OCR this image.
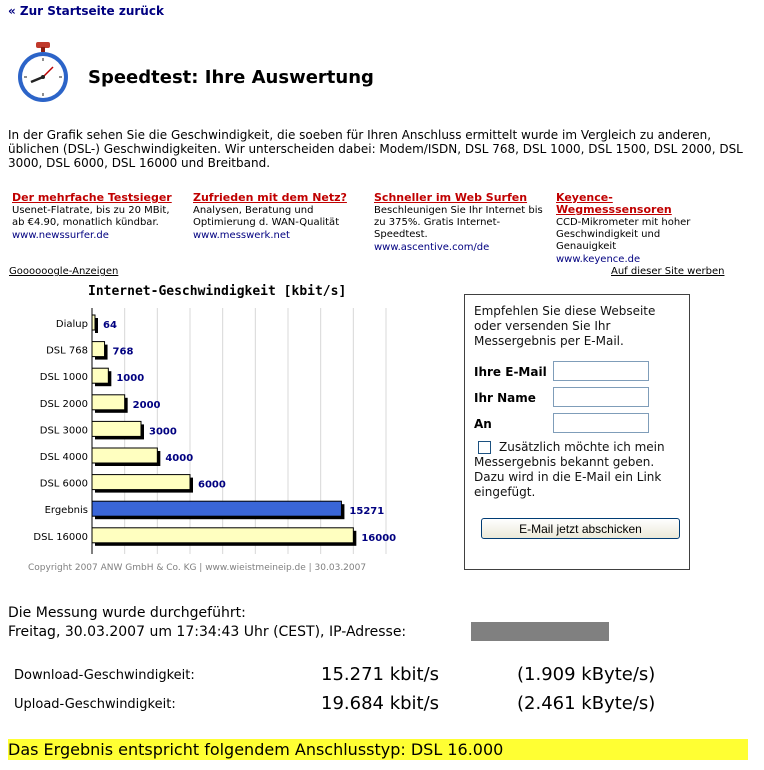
« Zur Startseite zurück
Speedtest: Ihre Auswertung
In der Grafik sehen Sie die Geschwindigkeit, die soeben für Ihren Anschluss ermittelt wurde im Vergleich zu anderen, üblichen (DSL-) Geschwindigkeiten. Wir unterscheiden dabei: Modem/ISDN, DSL 768, DSL 1000, DSL 1500, DSL 2000, DSL 3000, DSL 6000, DSL 16000 und Breitband.
Der mehrfache Testsieger
Usenet-Flatrate, bis zu 20 MBit, ab €4.90, monatlich kündbar.
www.newssurfer.de
Zufrieden mit dem Netz?
Analysen, Beratung und Optimierung d. WAN-Qualität
www.messwerk.net
Schneller im Web Surfen
Beschleunigen Sie Ihr Internet bis zu 375%. Gratis Internet-Speedtest.
www.ascentive.com/de
Keyence-Wegmesssensoren
CCD-Mikrometer mit hoher Geschwindigkeit und Genauigkeit
www.keyence.de
Goooooogle-Anzeigen	Auf dieser Site werben
Internet-Geschwindigkeit [kbit/s]
Dialup 64
DSL 768 768
DSL 1000	1000
DSL 2000	2000
DSL 3000	3000
DSL 4000	4000
DSL 6000	6000
Ergebnis	15271
DSL 16000	16000
Copyright 2007 ANW GmbH & Co. KG | www.wieistmeineip.de | 30.03.2007
Empfehlen Sie diese Webseite oder versenden Sie Ihr Messergebnis per E-Mail.
Ihre E-Mail
Ihr Name
An
Zusätzlich möchte ich mein Messergebnis bekannt geben. Dazu wird in die E-Mail ein Link eingefügt.
E-Mail jetzt abschicken
Die Messung wurde durchgeführt:
Freitag, 30.03.2007 um 17:34:43 Uhr (CEST), IP-Adresse:
Download-Geschwindigkeit:	15.271 kbit/s	(1.909 kByte/s)
Upload-Geschwindigkeit:	19.684 kbit/s	(2.461 kByte/s)
Das Ergebnis entspricht folgendem Anschlusstyp: DSL 16.000
